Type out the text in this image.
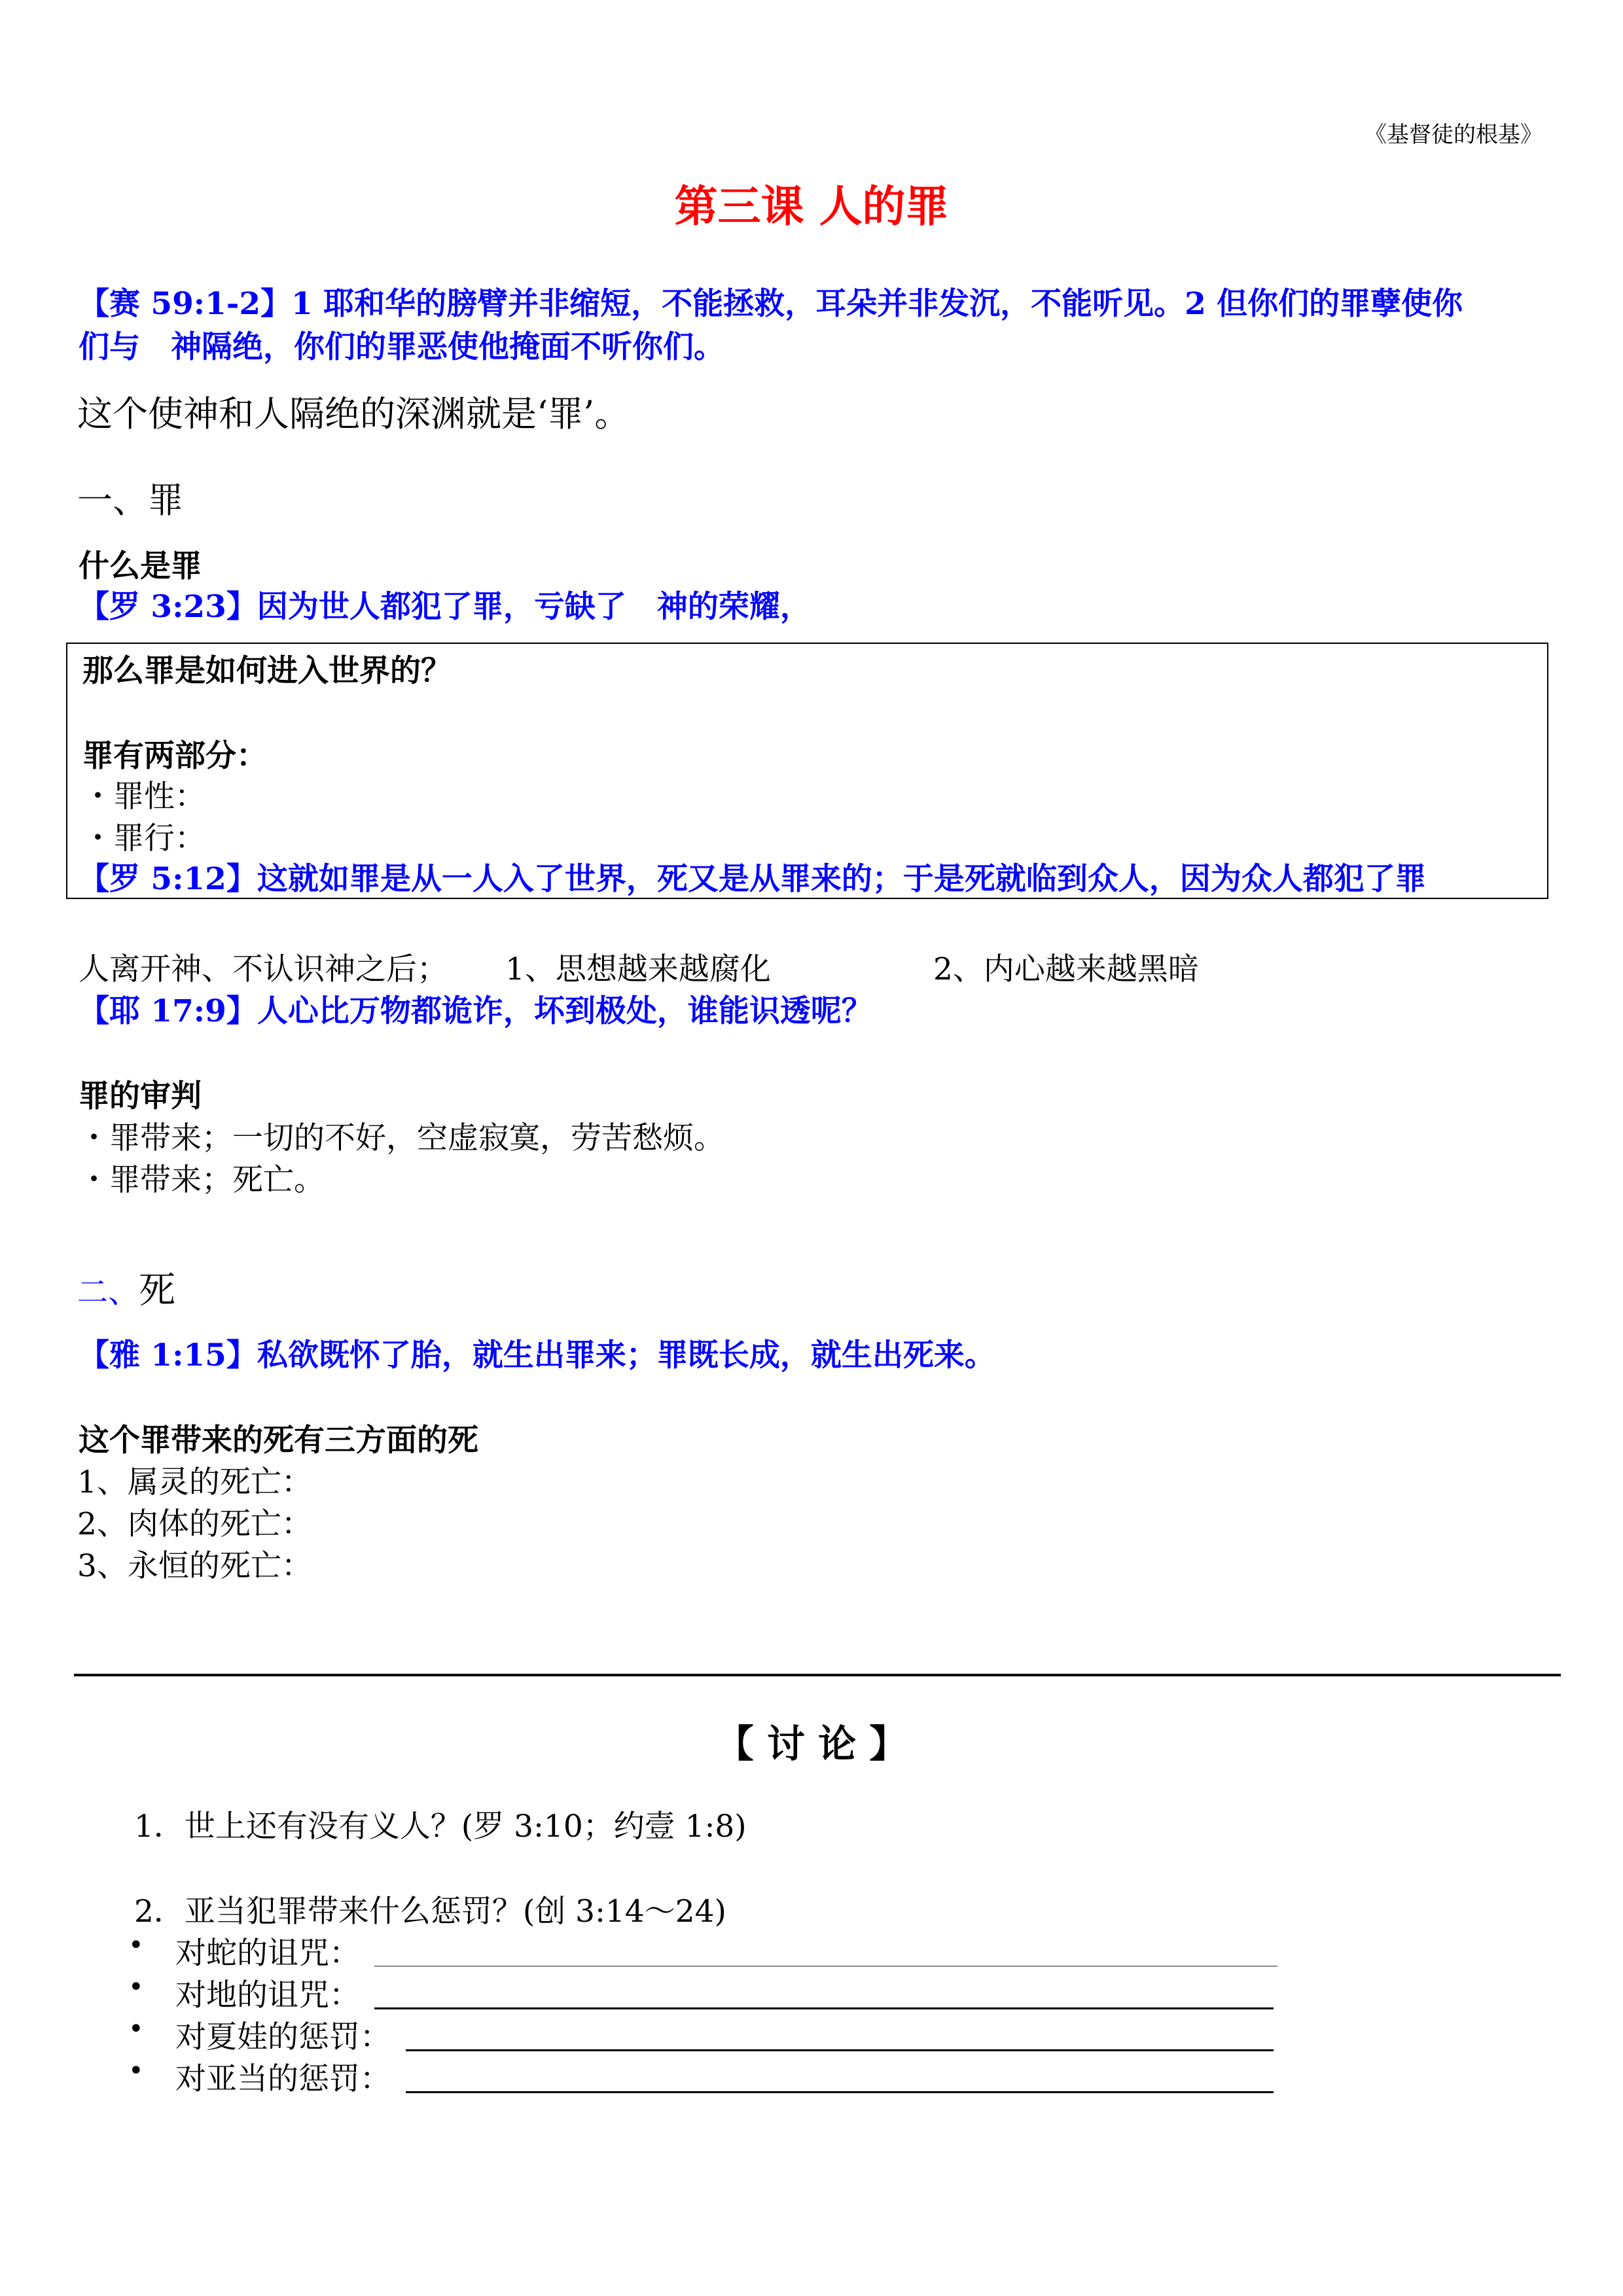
《基督徒的根基》
第三课 人的罪
【赛 59:1-2】1 耶和华的膀臂并非缩短，不能拯救，耳朵并非发沉，不能听见。2 但你们的罪孽使你
们与　神隔绝，你们的罪恶使他掩面不听你们。
这个使神和人隔绝的深渊就是‘罪’。
一、罪
什么是罪
【罗 3:23】因为世人都犯了罪，亏缺了　神的荣耀，
那么罪是如何进入世界的？
罪有两部分：
・罪性：
・罪行：
【罗 5:12】这就如罪是从一人入了世界，死又是从罪来的；于是死就临到众人，因为众人都犯了罪
人离开神、不认识神之后； 1、思想越来越腐化	2、内心越来越黑暗
【耶 17:9】人心比万物都诡诈，坏到极处，谁能识透呢？
罪的审判
・罪带来；一切的不好，空虚寂寞，劳苦愁烦。
・罪带来；死亡。
二、死
【雅 1:15】私欲既怀了胎，就生出罪来；罪既长成，就生出死来。
这个罪带来的死有三方面的死
1、属灵的死亡：
2、肉体的死亡：
3、永恒的死亡：
【 讨 论 】
1．世上还有没有义人？(罗 3:10；约壹 1:8)
2．亚当犯罪带来什么惩罚？(创 3:14～24)
• 对蛇的诅咒：
• 对地的诅咒：
• 对夏娃的惩罚：
• 对亚当的惩罚：
